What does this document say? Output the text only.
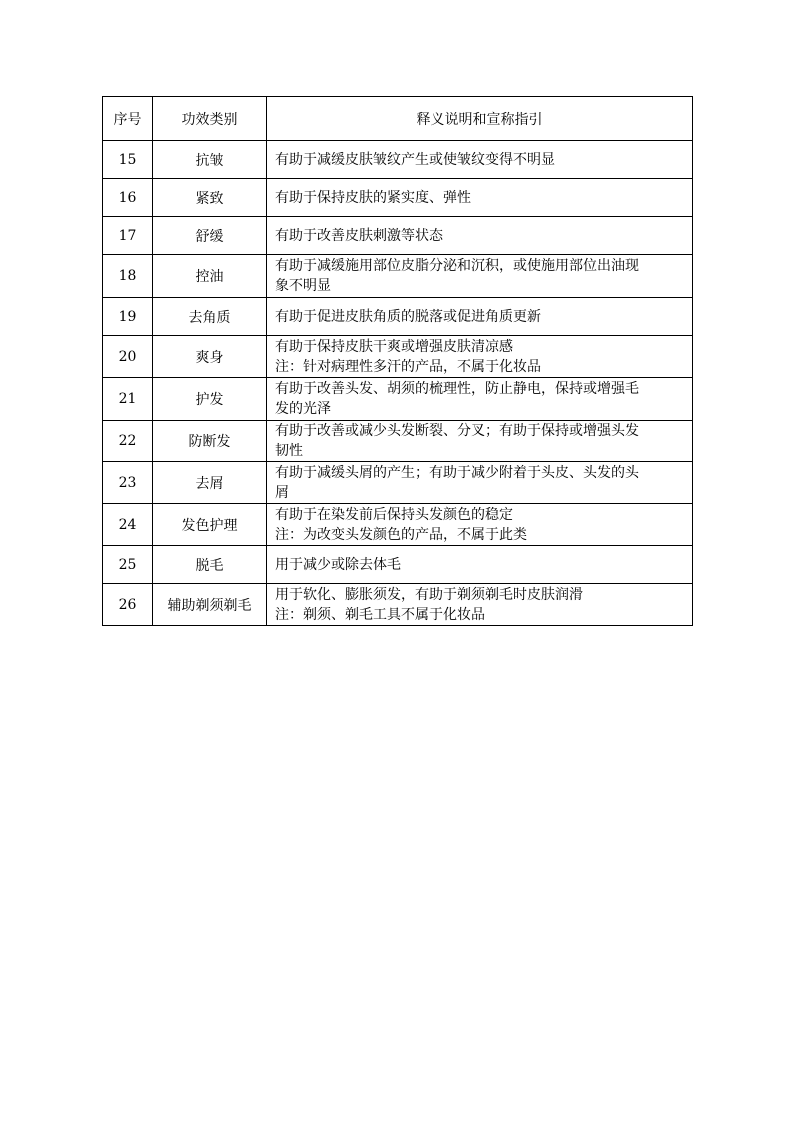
序号	功效类别	释义说明和宣称指引
15	抗皱	有助于减缓皮肤皱纹产生或使皱纹变得不明显

16	紧致	有助于保持皮肤的紧实度、弹性

17	舒缓	有助于改善皮肤刺激等状态

18	控油	有助于减缓施用部位皮脂分泌和沉积，或使施用部位出油现
象不明显

19	去角质	有助于促进皮肤角质的脱落或促进角质更新

20	爽身	有助于保持皮肤干爽或增强皮肤清凉感
注：针对病理性多汗的产品，不属于化妆品

21	护发	有助于改善头发、胡须的梳理性，防止静电，保持或增强毛
发的光泽

22	防断发	有助于改善或减少头发断裂、分叉；有助于保持或增强头发
韧性

23	去屑	有助于减缓头屑的产生；有助于减少附着于头皮、头发的头
屑

24	发色护理	有助于在染发前后保持头发颜色的稳定
注：为改变头发颜色的产品，不属于此类

25	脱毛	用于减少或除去体毛

26	辅助剃须剃毛	用于软化、膨胀须发，有助于剃须剃毛时皮肤润滑
注：剃须、剃毛工具不属于化妆品
